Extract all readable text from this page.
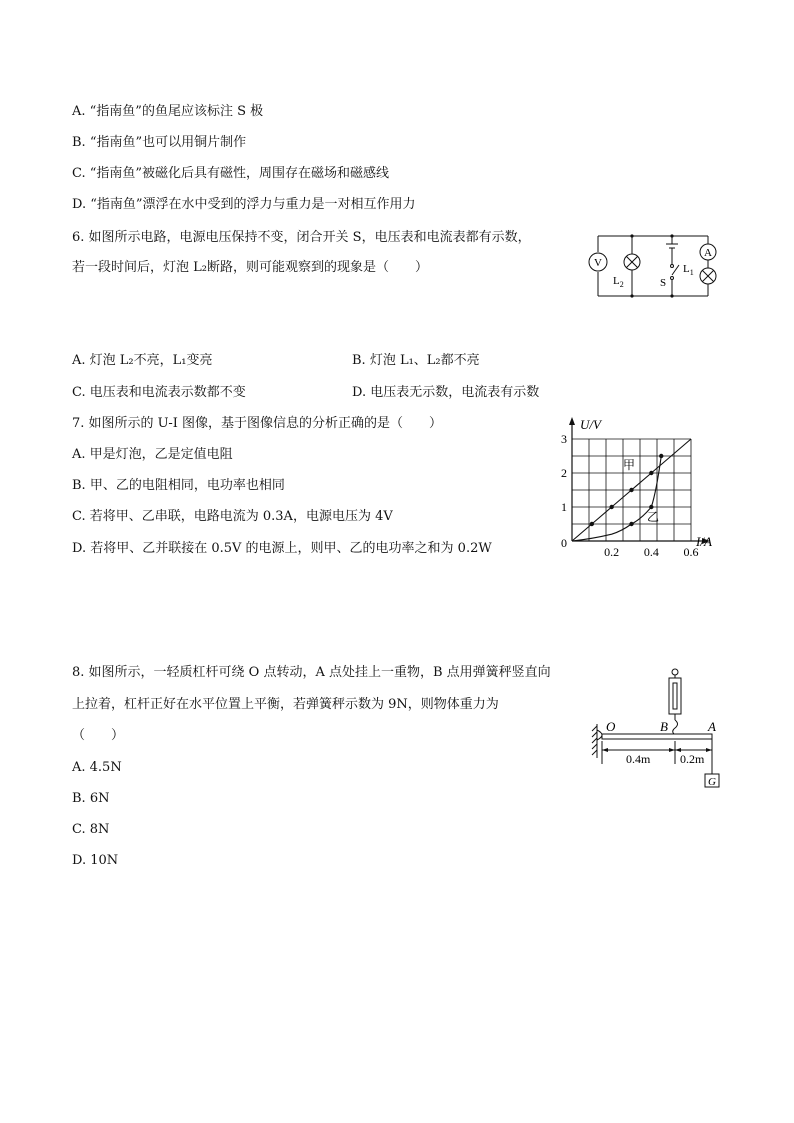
A. “指南鱼”的鱼尾应该标注 S 极
B. “指南鱼”也可以用铜片制作
C. “指南鱼”被磁化后具有磁性，周围存在磁场和磁感线
D. “指南鱼”漂浮在水中受到的浮力与重力是一对相互作用力
6. 如图所示电路，电源电压保持不变，闭合开关 S，电压表和电流表都有示数，
若一段时间后，灯泡 L₂断路，则可能观察到的现象是（　　）	V
$L_2$	S
A
$L_1$
A. 灯泡 L₂不亮，L₁变亮	B. 灯泡 L₁、L₂都不亮
C. 电压表和电流表示数都不变	D. 电压表无示数，电流表有示数
7. 如图所示的 U-I 图像，基于图像信息的分析正确的是（　　）
A. 甲是灯泡，乙是定值电阻
B. 甲、乙的电阻相同，电功率也相同
C. 若将甲、乙串联，电路电流为 0.3A，电源电压为 4V
D. 若将甲、乙并联接在 0.5V 的电源上，则甲、乙的电功率之和为 0.2W
U/V
I/A
0
甲
乙
1
2
3
0.2 0.4 0.6
8. 如图所示，一轻质杠杆可绕 O 点转动，A 点处挂上一重物，B 点用弹簧秤竖直向
上拉着，杠杆正好在水平位置上平衡，若弹簧秤示数为 9N，则物体重力为
（　　）
O	B	A
0.4m 0.2m
G
A. 4.5N
B. 6N
C. 8N
D. 10N
